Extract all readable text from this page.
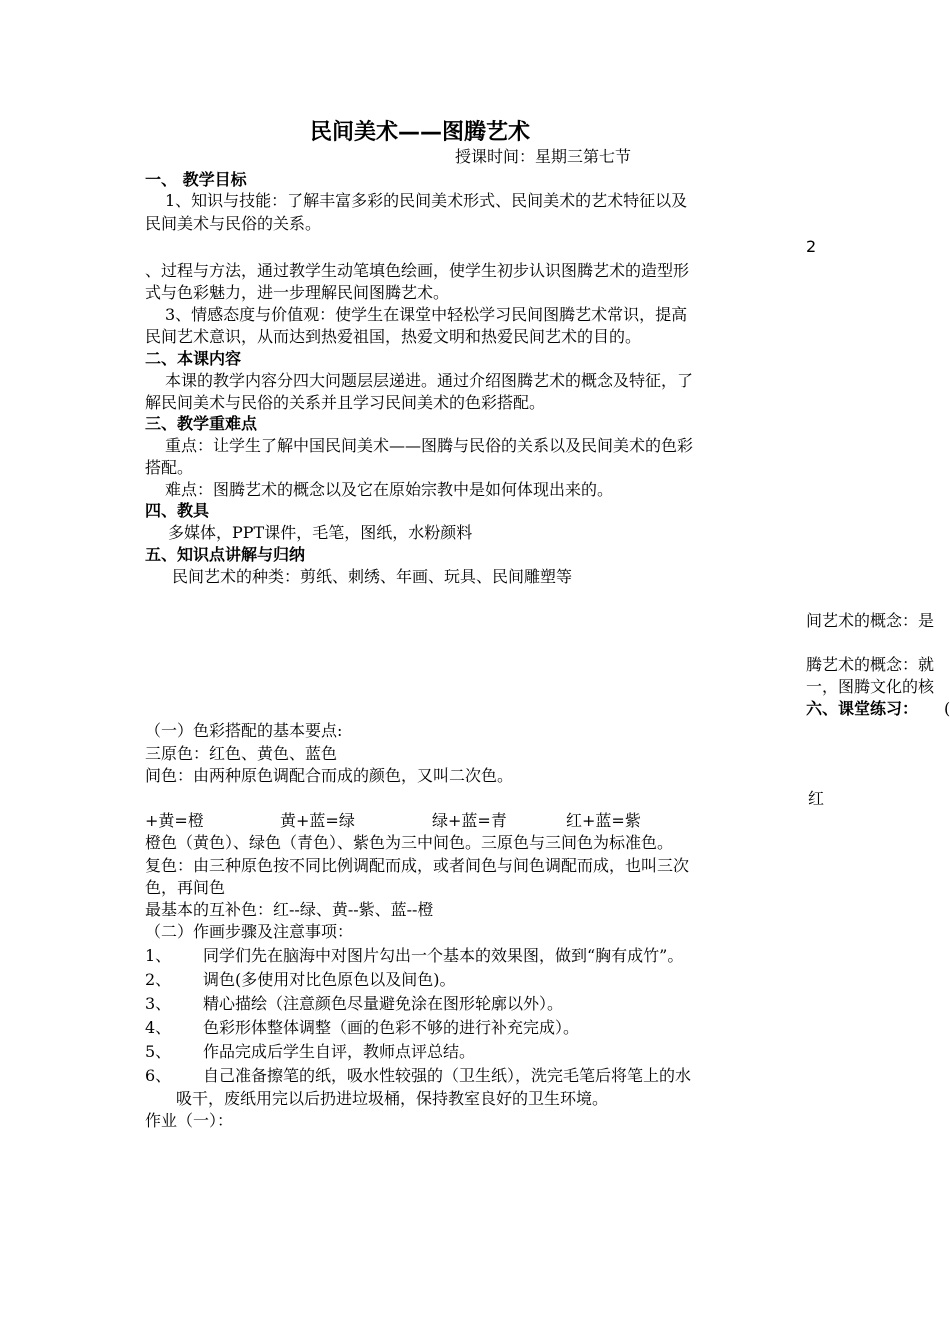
民间美术——图腾艺术
授课时间：星期三第七节
一、 教学目标
1、知识与技能：了解丰富多彩的民间美术形式、民间美术的艺术特征以及
民间美术与民俗的关系。
2
、过程与方法，通过教学生动笔填色绘画，使学生初步认识图腾艺术的造型形
式与色彩魅力，进一步理解民间图腾艺术。
3、情感态度与价值观：使学生在课堂中轻松学习民间图腾艺术常识，提高
民间艺术意识，从而达到热爱祖国，热爱文明和热爱民间艺术的目的。
二、本课内容
本课的教学内容分四大问题层层递进。通过介绍图腾艺术的概念及特征，了
解民间美术与民俗的关系并且学习民间美术的色彩搭配。
三、教学重难点
重点：让学生了解中国民间美术——图腾与民俗的关系以及民间美术的色彩
搭配。
难点：图腾艺术的概念以及它在原始宗教中是如何体现出来的。
四、教具
多媒体，PPT课件，毛笔，图纸，水粉颜料
五、知识点讲解与归纳
民间艺术的种类：剪纸、刺绣、年画、玩具、民间雕塑等
间艺术的概念：是
腾艺术的概念：就
一，图腾文化的核
六、课堂练习： (
（一）色彩搭配的基本要点:
三原色：红色、黄色、蓝色
间色：由两种原色调配合而成的颜色，又叫二次色。
红
+黄=橙	黄+蓝=绿	绿+蓝=青	红+蓝=紫
橙色（黄色）、绿色（青色）、紫色为三中间色。三原色与三间色为标准色。
复色：由三种原色按不同比例调配而成，或者间色与间色调配而成，也叫三次
色，再间色
最基本的互补色：红--绿、黄--紫、蓝--橙
（二）作画步骤及注意事项：
1、 同学们先在脑海中对图片勾出一个基本的效果图，做到“胸有成竹”。
2、 调色(多使用对比色原色以及间色)。
3、 精心描绘（注意颜色尽量避免涂在图形轮廓以外）。
4、 色彩形体整体调整（画的色彩不够的进行补充完成）。
5、 作品完成后学生自评，教师点评总结。
6、 自己准备擦笔的纸，吸水性较强的（卫生纸），洗完毛笔后将笔上的水
吸干，废纸用完以后扔进垃圾桶，保持教室良好的卫生环境。
作业（一）：
